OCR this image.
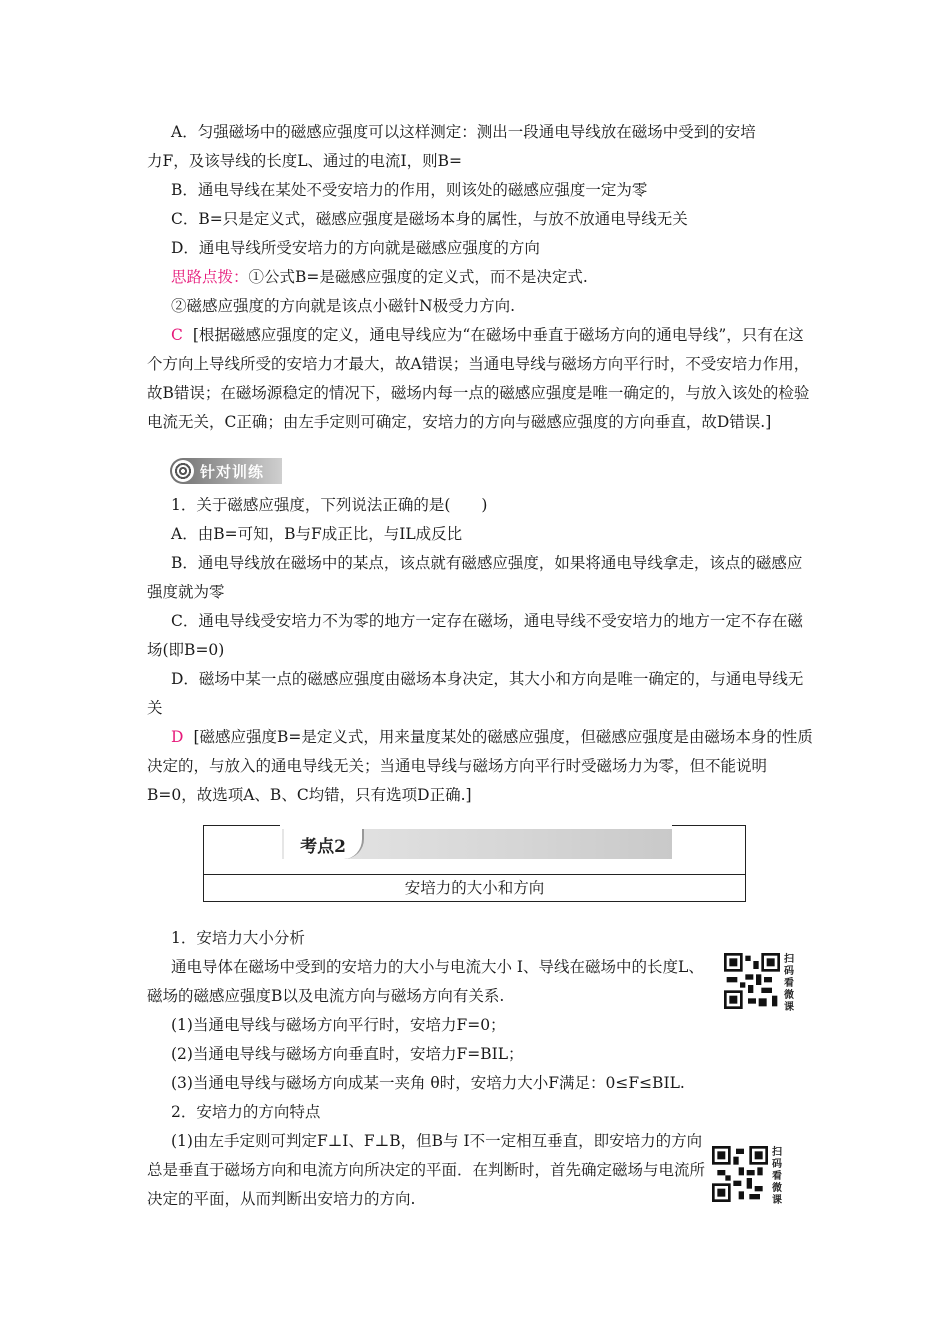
A．匀强磁场中的磁感应强度可以这样测定：测出一段通电导线放在磁场中受到的安培

力F，及该导线的长度L、通过的电流I，则B=

B．通电导线在某处不受安培力的作用，则该处的磁感应强度一定为零

C．B=只是定义式，磁感应强度是磁场本身的属性，与放不放通电导线无关

D．通电导线所受安培力的方向就是磁感应强度的方向

思路点拨：①公式B=是磁感应强度的定义式，而不是决定式.

②磁感应强度的方向就是该点小磁针N极受力方向.

C [根据磁感应强度的定义，通电导线应为“在磁场中垂直于磁场方向的通电导线”，只有在这个方向上导线所受的安培力才最大，故A错误；当通电导线与磁场方向平行时，不受安培力作用，故B错误；在磁场源稳定的情况下，磁场内每一点的磁感应强度是唯一确定的，与放入该处的检验电流无关，C正确；由左手定则可确定，安培力的方向与磁感应强度的方向垂直，故D错误.]

针对训练

1．关于磁感应强度，下列说法正确的是(　　)

A．由B=可知，B与F成正比，与IL成反比

B．通电导线放在磁场中的某点，该点就有磁感应强度，如果将通电导线拿走，该点的磁感应强度就为零

C．通电导线受安培力不为零的地方一定存在磁场，通电导线不受安培力的地方一定不存在磁场(即B=0)

D．磁场中某一点的磁感应强度由磁场本身决定，其大小和方向是唯一确定的，与通电导线无关

D [磁感应强度B=是定义式，用来量度某处的磁感应强度，但磁感应强度是由磁场本身的性质决定的，与放入的通电导线无关；当通电导线与磁场方向平行时受磁场力为零，但不能说明B=0，故选项A、B、C均错，只有选项D正确.]

考点2
安培力的大小和方向

1．安培力大小分析

通电导体在磁场中受到的安培力的大小与电流大小 I、导线在磁场中的长度L、磁场的磁感应强度B以及电流方向与磁场方向有关系.

扫码看微课

(1)当通电导线与磁场方向平行时，安培力F=0；

(2)当通电导线与磁场方向垂直时，安培力F=BIL；

(3)当通电导线与磁场方向成某一夹角 θ时，安培力大小F满足：0≤F≤BIL.

2．安培力的方向特点

(1)由左手定则可判定F⊥I、F⊥B，但B与 I不一定相互垂直，即安培力的方向总是垂直于磁场方向和电流方向所决定的平面．在判断时，首先确定磁场与电流所决定的平面，从而判断出安培力的方向.

扫码看微课
